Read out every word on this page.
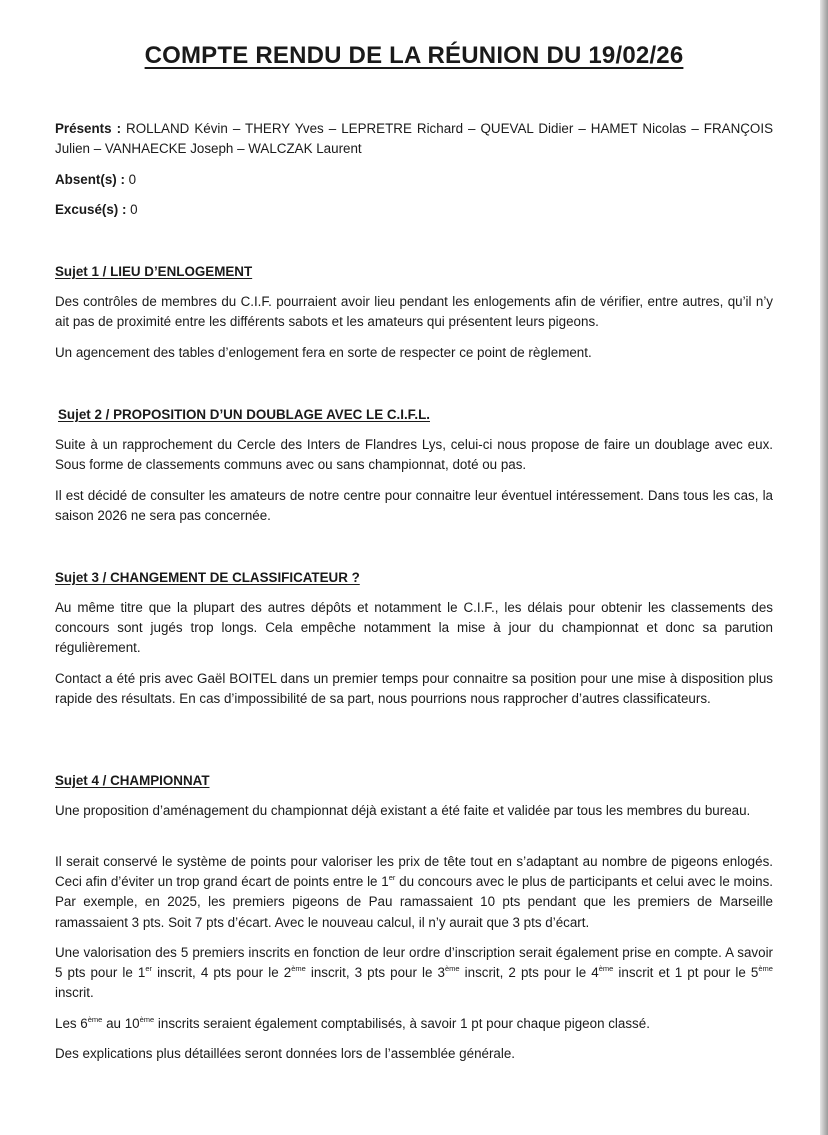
COMPTE RENDU DE LA RÉUNION DU 19/02/26

Présents : ROLLAND Kévin – THERY Yves – LEPRETRE Richard – QUEVAL Didier – HAMET Nicolas – FRANÇOIS Julien – VANHAECKE Joseph – WALCZAK Laurent

Absent(s) : 0

Excusé(s) : 0

Sujet 1 / LIEU D’ENLOGEMENT

Des contrôles de membres du C.I.F. pourraient avoir lieu pendant les enlogements afin de vérifier, entre autres, qu’il n’y ait pas de proximité entre les différents sabots et les amateurs qui présentent leurs pigeons.

Un agencement des tables d’enlogement fera en sorte de respecter ce point de règlement.

Sujet 2 / PROPOSITION D’UN DOUBLAGE AVEC LE C.I.F.L.

Suite à un rapprochement du Cercle des Inters de Flandres Lys, celui-ci nous propose de faire un doublage avec eux. Sous forme de classements communs avec ou sans championnat, doté ou pas.

Il est décidé de consulter les amateurs de notre centre pour connaitre leur éventuel intéressement. Dans tous les cas, la saison 2026 ne sera pas concernée.

Sujet 3 / CHANGEMENT DE CLASSIFICATEUR ?

Au même titre que la plupart des autres dépôts et notamment le C.I.F., les délais pour obtenir les classements des concours sont jugés trop longs. Cela empêche notamment la mise à jour du championnat et donc sa parution régulièrement.

Contact a été pris avec Gaël BOITEL dans un premier temps pour connaitre sa position pour une mise à disposition plus rapide des résultats. En cas d’impossibilité de sa part, nous pourrions nous rapprocher d’autres classificateurs.

Sujet 4 / CHAMPIONNAT

Une proposition d’aménagement du championnat déjà existant a été faite et validée par tous les membres du bureau.

Il serait conservé le système de points pour valoriser les prix de tête tout en s’adaptant au nombre de pigeons enlogés. Ceci afin d’éviter un trop grand écart de points entre le 1er du concours avec le plus de participants et celui avec le moins. Par exemple, en 2025, les premiers pigeons de Pau ramassaient 10 pts pendant que les premiers de Marseille ramassaient 3 pts. Soit 7 pts d’écart. Avec le nouveau calcul, il n’y aurait que 3 pts d’écart.

Une valorisation des 5 premiers inscrits en fonction de leur ordre d’inscription serait également prise en compte. A savoir 5 pts pour le 1er inscrit, 4 pts pour le 2ème inscrit, 3 pts pour le 3ème inscrit, 2 pts pour le 4ème inscrit et 1 pt pour le 5ème inscrit.

Les 6ème au 10ème inscrits seraient également comptabilisés, à savoir 1 pt pour chaque pigeon classé.

Des explications plus détaillées seront données lors de l’assemblée générale.
